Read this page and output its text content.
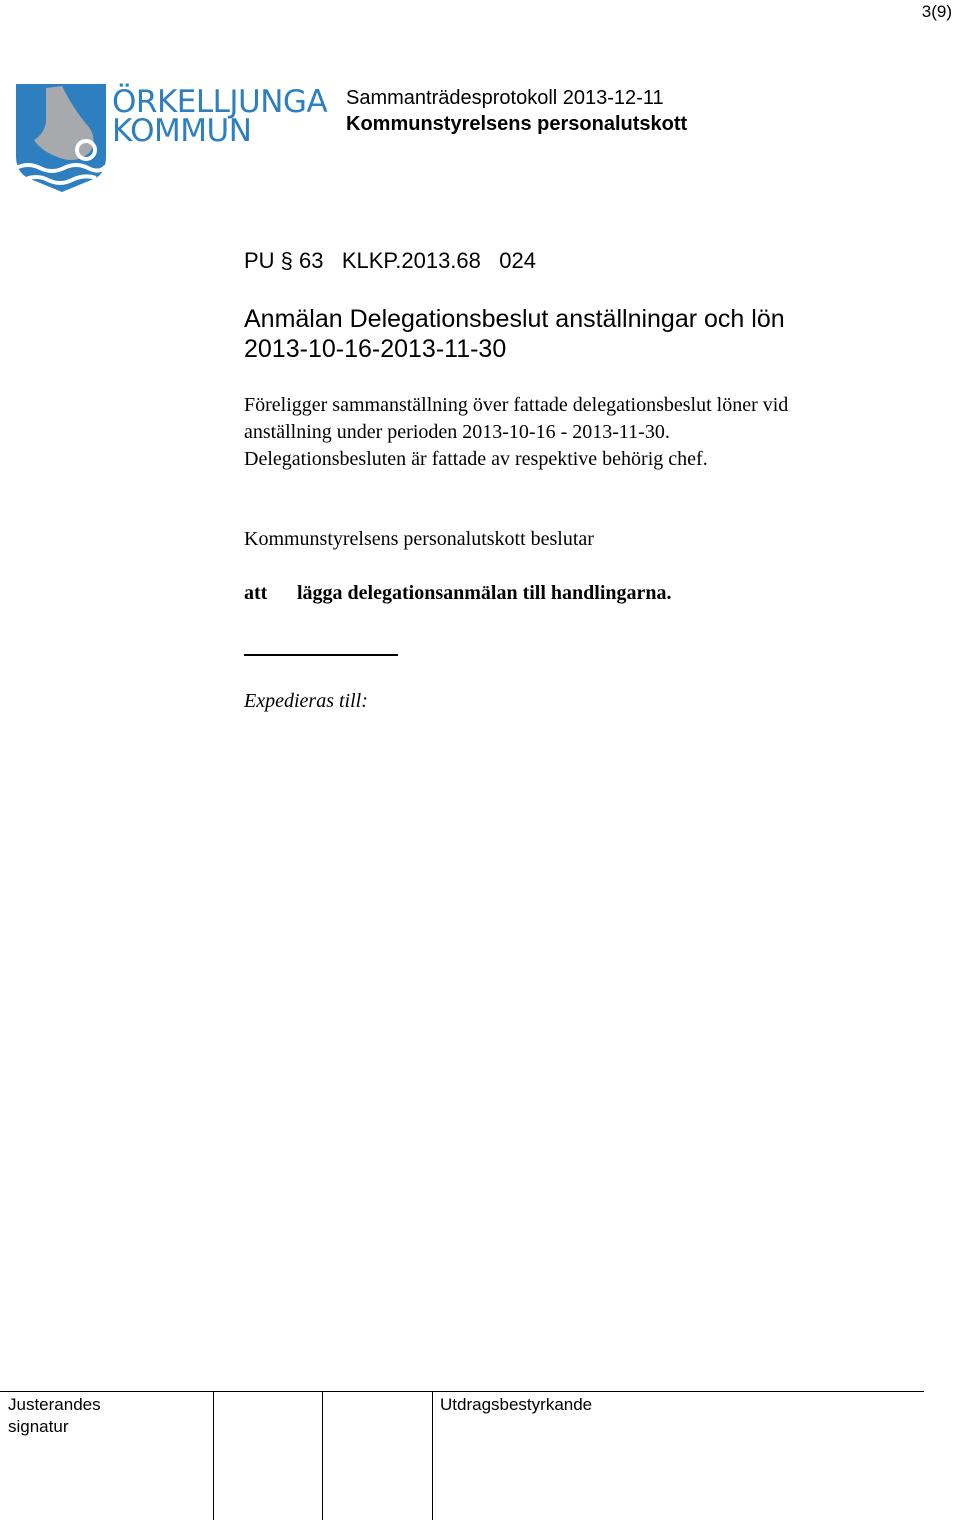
3(9)
ÖRKELLJUNGA
KOMMUN
Sammanträdesprotokoll 2013-12-11
Kommunstyrelsens personalutskott
PU § 63   KLKP.2013.68   024
Anmälan Delegationsbeslut anställningar och lön
2013-10-16-2013-11-30
Föreligger sammanställning över fattade delegationsbeslut löner vid
anställning under perioden 2013-10-16 - 2013-11-30.
Delegationsbesluten är fattade av respektive behörig chef.
Kommunstyrelsens personalutskott beslutar
att lägga delegationsanmälan till handlingarna.
Expedieras till:
Justerandes
signatur
Utdragsbestyrkande
